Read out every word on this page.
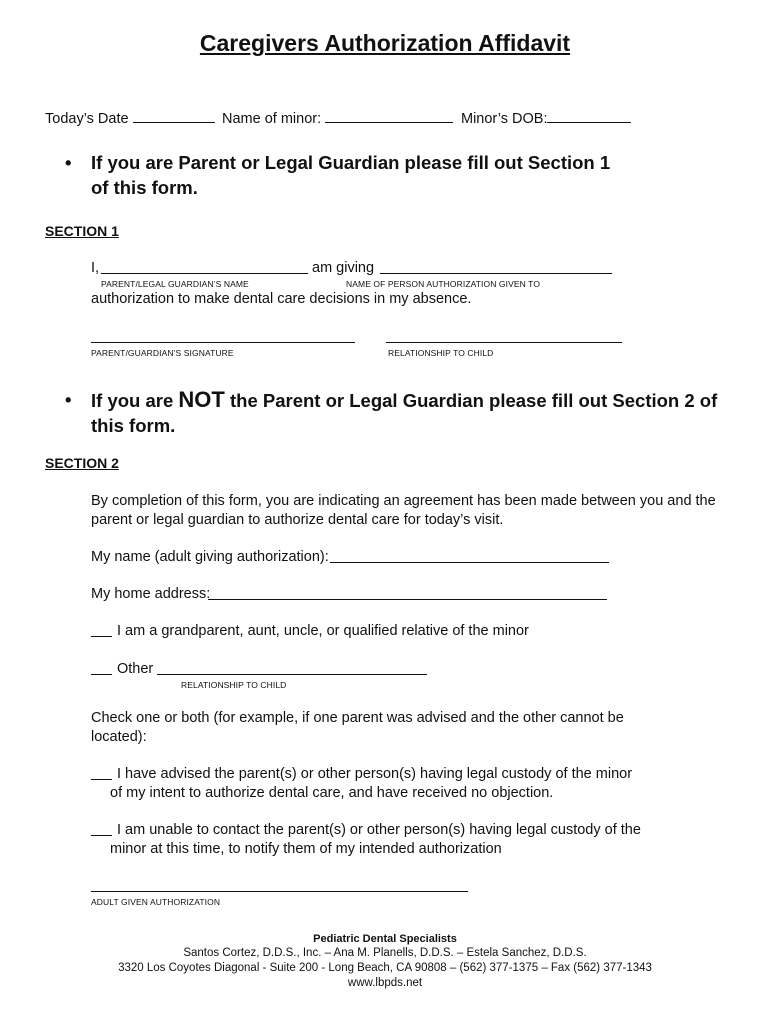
Caregivers Authorization Affidavit
Today’s Date	Name of minor:	Minor’s DOB:
• If you are Parent or Legal Guardian please fill out Section 1
of this form.
SECTION 1
I,	am giving
PARENT/LEGAL GUARDIAN’S NAME	NAME OF PERSON AUTHORIZATION GIVEN TO
authorization to make dental care decisions in my absence.
PARENT/GUARDIAN’S SIGNATURE	RELATIONSHIP TO CHILD
• If you are NOT the Parent or Legal Guardian please fill out Section 2 of
this form.
SECTION 2
By completion of this form, you are indicating an agreement has been made between you and the
parent or legal guardian to authorize dental care for today’s visit.
My name (adult giving authorization):
My home address:
I am a grandparent, aunt, uncle, or qualified relative of the minor
Other
RELATIONSHIP TO CHILD
Check one or both (for example, if one parent was advised and the other cannot be
located):
I have advised the parent(s) or other person(s) having legal custody of the minor
of my intent to authorize dental care, and have received no objection.
I am unable to contact the parent(s) or other person(s) having legal custody of the
minor at this time, to notify them of my intended authorization
ADULT GIVEN AUTHORIZATION
Pediatric Dental Specialists
Santos Cortez, D.D.S., Inc. – Ana M. Planells, D.D.S. – Estela Sanchez, D.D.S.
3320 Los Coyotes Diagonal - Suite 200 - Long Beach, CA 90808 – (562) 377-1375 – Fax (562) 377-1343
www.lbpds.net
